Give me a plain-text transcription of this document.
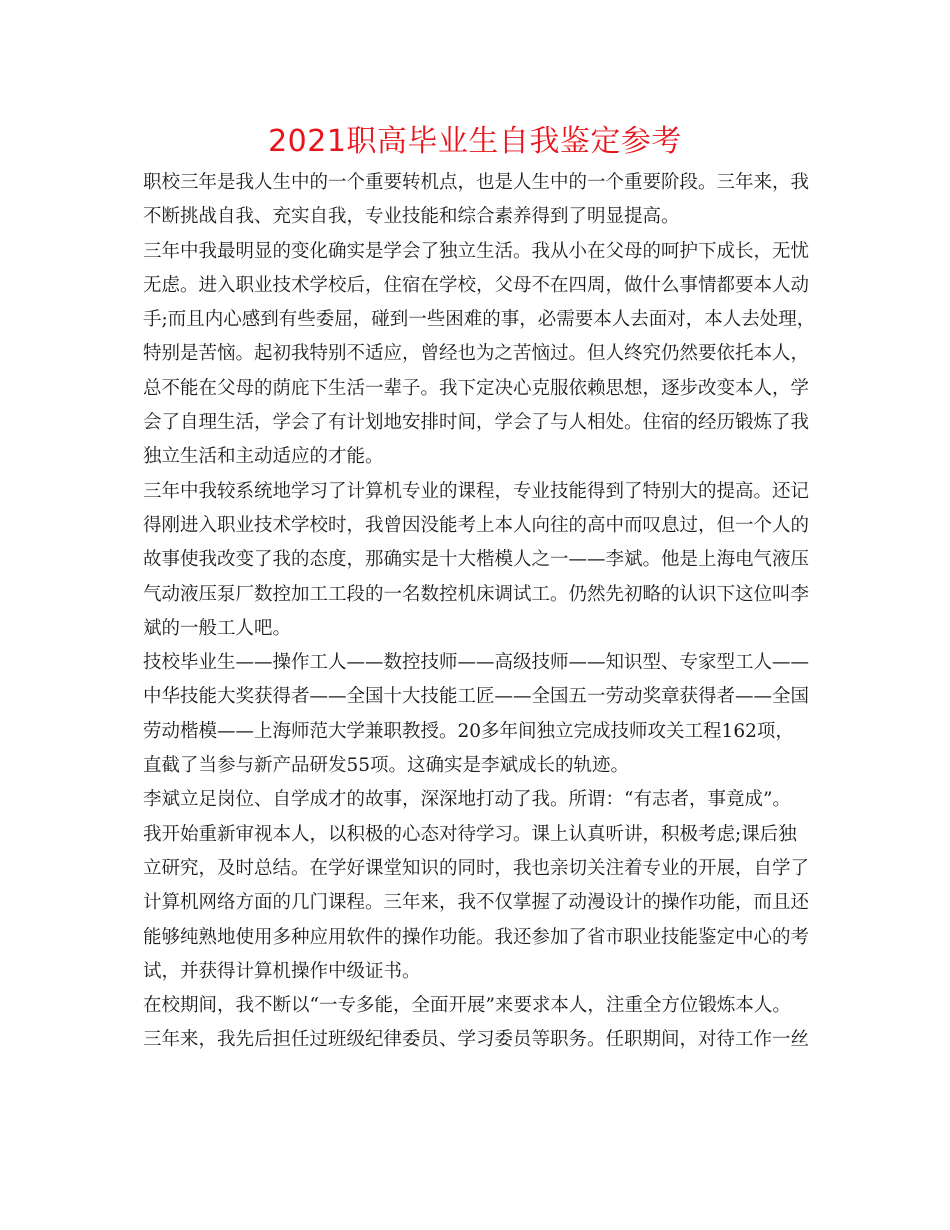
2021职高毕业生自我鉴定参考

职校三年是我人生中的一个重要转机点，也是人生中的一个重要阶段。三年来，我
不断挑战自我、充实自我，专业技能和综合素养得到了明显提高。

三年中我最明显的变化确实是学会了独立生活。我从小在父母的呵护下成长，无忧
无虑。进入职业技术学校后，住宿在学校，父母不在四周，做什么事情都要本人动
手;而且内心感到有些委屈，碰到一些困难的事，必需要本人去面对，本人去处理，
特别是苦恼。起初我特别不适应，曾经也为之苦恼过。但人终究仍然要依托本人，
总不能在父母的荫庇下生活一辈子。我下定决心克服依赖思想，逐步改变本人，学
会了自理生活，学会了有计划地安排时间，学会了与人相处。住宿的经历锻炼了我
独立生活和主动适应的才能。

三年中我较系统地学习了计算机专业的课程，专业技能得到了特别大的提高。还记
得刚进入职业技术学校时，我曾因没能考上本人向往的高中而叹息过，但一个人的
故事使我改变了我的态度，那确实是十大楷模人之一——李斌。他是上海电气液压
气动液压泵厂数控加工工段的一名数控机床调试工。仍然先初略的认识下这位叫李
斌的一般工人吧。

技校毕业生——操作工人——数控技师——高级技师——知识型、专家型工人——
中华技能大奖获得者——全国十大技能工匠——全国五一劳动奖章获得者——全国
劳动楷模——上海师范大学兼职教授。20多年间独立完成技师攻关工程162项，
直截了当参与新产品研发55项。这确实是李斌成长的轨迹。

李斌立足岗位、自学成才的故事，深深地打动了我。所谓：“有志者，事竟成”。
我开始重新审视本人，以积极的心态对待学习。课上认真听讲，积极考虑;课后独
立研究，及时总结。在学好课堂知识的同时，我也亲切关注着专业的开展，自学了
计算机网络方面的几门课程。三年来，我不仅掌握了动漫设计的操作功能，而且还
能够纯熟地使用多种应用软件的操作功能。我还参加了省市职业技能鉴定中心的考
试，并获得计算机操作中级证书。

在校期间，我不断以“一专多能，全面开展”来要求本人，注重全方位锻炼本人。
三年来，我先后担任过班级纪律委员、学习委员等职务。任职期间，对待工作一丝
